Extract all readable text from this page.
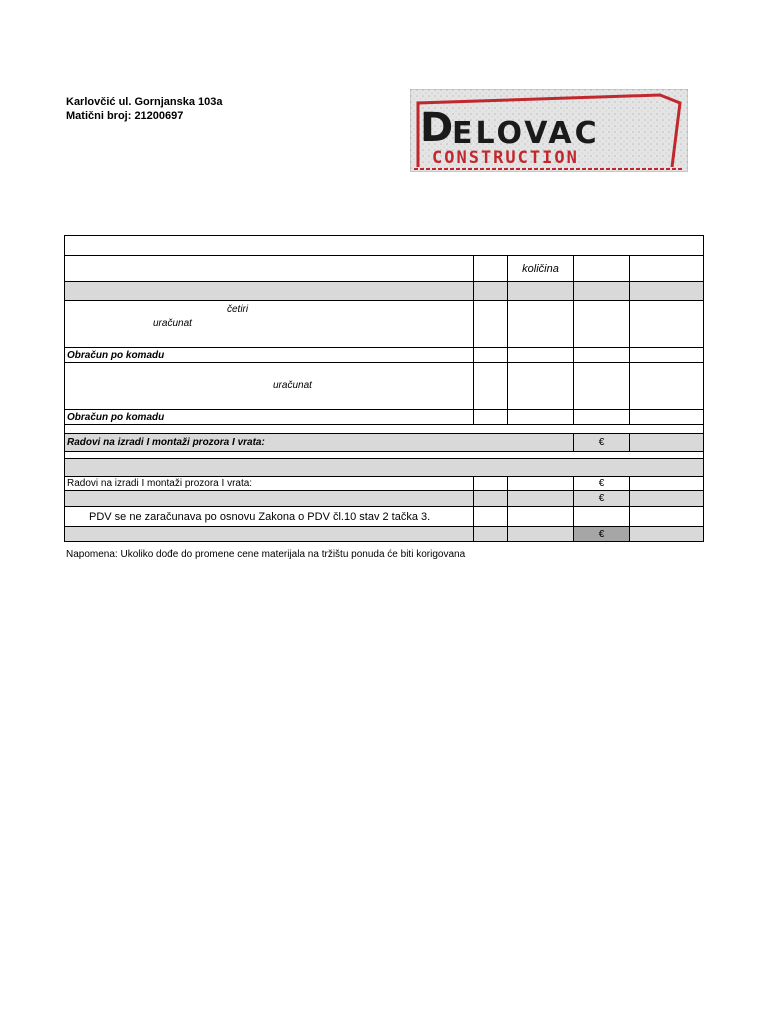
Karlovčić ul. Gornjanska 103a
Matični broj: 21200697	D
ELOVAC
CONSTRUCTION

		količina		

četiri
uračunat				

Obračun po komadu				

uračunat				

Obračun po komadu				

Radovi na izradi I montaži prozora I vrata:			€	

Radovi na izradi I montaži prozora I vrata:			€	
			€	
PDV se ne zaračunava po osnovu Zakona o PDV čl.10 stav 2 tačka 3.				
			€	
Napomena: Ukoliko dođe do promene cene materijala na tržištu ponuda će biti korigovana
